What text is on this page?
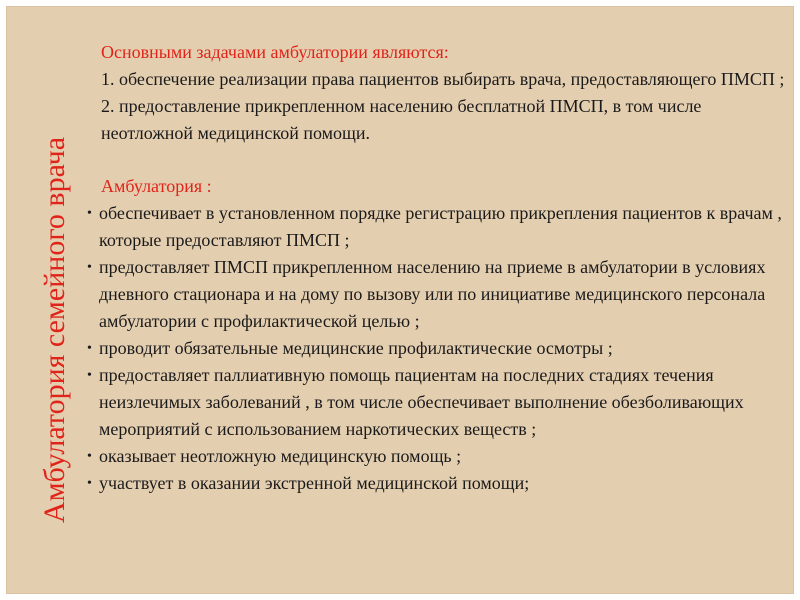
Амбулатория семейного врача
Основными задачами амбулатории являются:
1. обеспечение реализации права пациентов выбирать врача, предоставляющего ПМСП ;
2. предоставление прикрепленном населению бесплатной ПМСП, в том числе неотложной медицинской помощи.
Амбулатория :
• обеспечивает в установленном порядке регистрацию прикрепления пациентов к врачам , которые предоставляют ПМСП ;
• предоставляет ПМСП прикрепленном населению на приеме в амбулатории в условиях дневного стационара и на дому по вызову или по инициативе медицинского персонала амбулатории с профилактической целью ;
• проводит обязательные медицинские профилактические осмотры ;
• предоставляет паллиативную помощь пациентам на последних стадиях течения неизлечимых заболеваний , в том числе обеспечивает выполнение обезболивающих мероприятий с использованием наркотических веществ ;
• оказывает неотложную медицинскую помощь ;
• участвует в оказании экстренной медицинской помощи;
